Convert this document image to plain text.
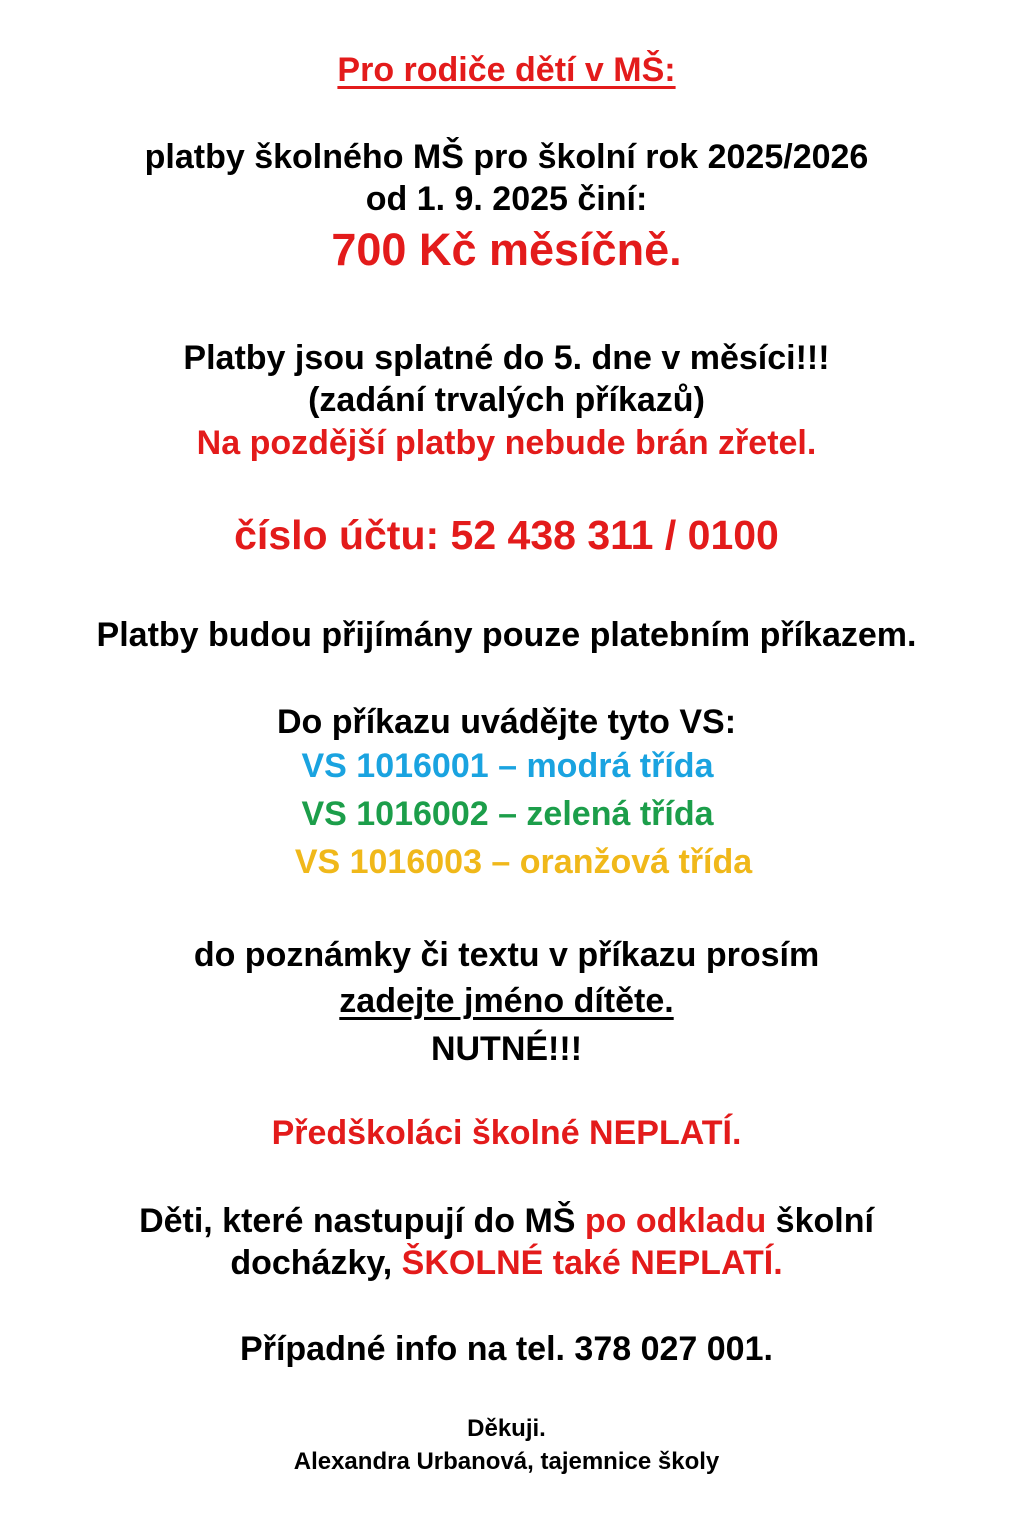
Pro rodiče dětí v MŠ:
platby školného MŠ pro školní rok 2025/2026
od 1. 9. 2025 činí:
700 Kč měsíčně.
Platby jsou splatné do 5. dne v měsíci!!!
(zadání trvalých příkazů)
Na pozdější platby nebude brán zřetel.
číslo účtu: 52 438 311 / 0100
Platby budou přijímány pouze platebním příkazem.
Do příkazu uvádějte tyto VS:
VS 1016001 – modrá třída
VS 1016002 – zelená třída
VS 1016003 – oranžová třída
do poznámky či textu v příkazu prosím
zadejte jméno dítěte.
NUTNÉ!!!
Předškoláci školné NEPLATÍ.
Děti, které nastupují do MŠ po odkladu školní
docházky, ŠKOLNÉ také NEPLATÍ.
Případné info na tel. 378 027 001.
Děkuji.
Alexandra Urbanová, tajemnice školy
